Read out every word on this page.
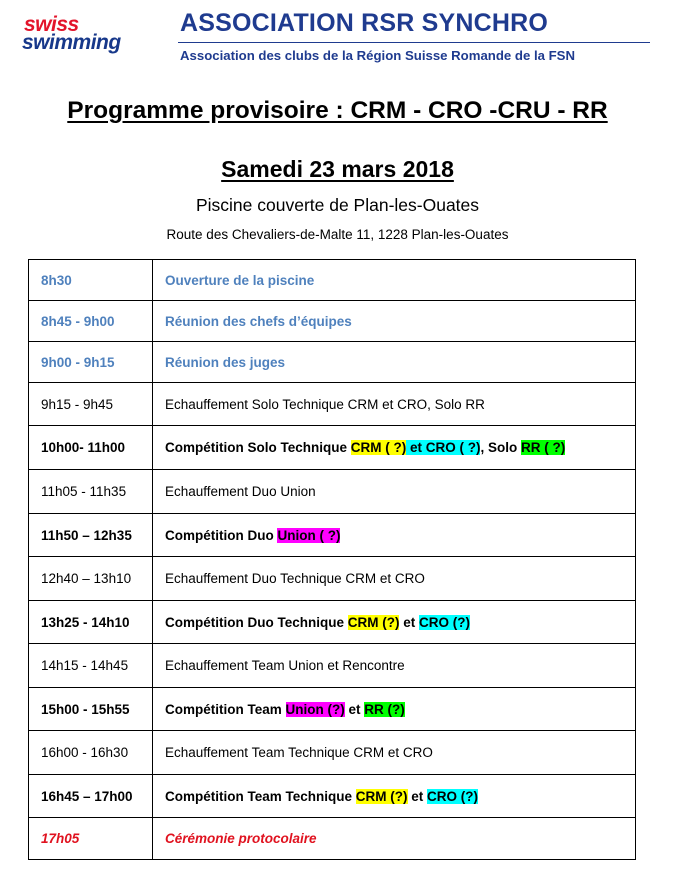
swiss
swimming
ASSOCIATION RSR SYNCHRO
Association des clubs de la Région Suisse Romande de la FSN
Programme provisoire : CRM - CRO -CRU - RR
Samedi 23 mars 2018
Piscine couverte de Plan-les-Ouates
Route des Chevaliers-de-Malte 11, 1228 Plan-les-Ouates
8h30	Ouverture de la piscine
8h45 - 9h00	Réunion des chefs d’équipes
9h00 - 9h15	Réunion des juges
9h15 - 9h45	Echauffement Solo Technique CRM et CRO, Solo RR
10h00- 11h00	Compétition Solo Technique CRM ( ?) et CRO ( ?), Solo RR ( ?)
11h05 - 11h35	Echauffement Duo Union
11h50 – 12h35	Compétition Duo Union ( ?)
12h40 – 13h10	Echauffement Duo Technique CRM et CRO
13h25 - 14h10	Compétition Duo Technique CRM (?) et CRO (?)
14h15 - 14h45	Echauffement Team Union et Rencontre
15h00 - 15h55	Compétition Team Union (?) et RR (?)
16h00 - 16h30	Echauffement Team Technique CRM et CRO
16h45 – 17h00	Compétition Team Technique CRM (?) et CRO (?)
17h05	Cérémonie protocolaire
